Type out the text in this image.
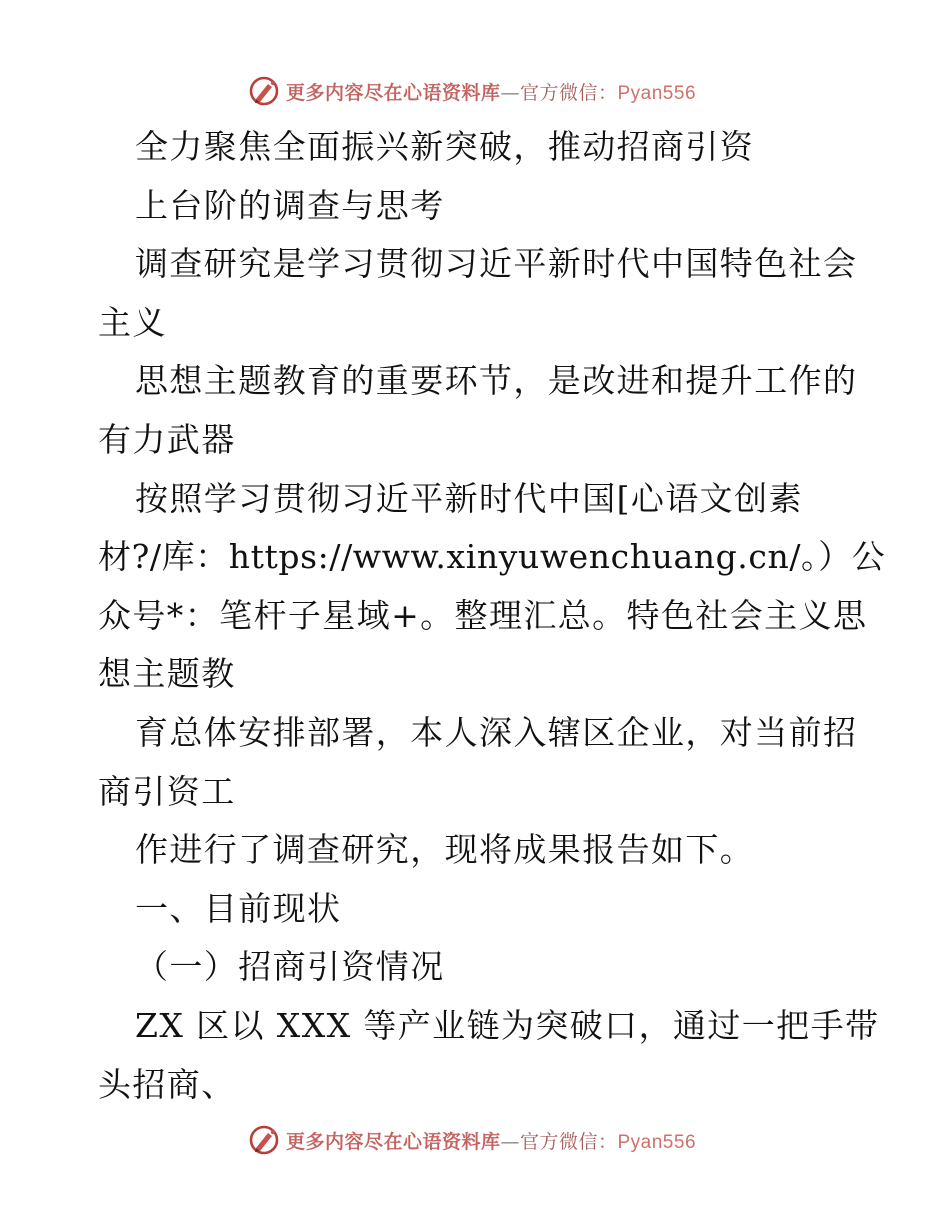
更多内容尽在心语资料库—官方微信：Pyan556
全力聚焦全面振兴新突破，推动招商引资
上台阶的调查与思考
调查研究是学习贯彻习近平新时代中国特色社会
主义
思想主题教育的重要环节，是改进和提升工作的
有力武器
按照学习贯彻习近平新时代中国[心语文创素
材?/库：https://www.xinyuwenchuang.cn/。）公
众号*：笔杆子星域+。整理汇总。特色社会主义思
想主题教
育总体安排部署，本人深入辖区企业，对当前招
商引资工
作进行了调查研究，现将成果报告如下。
一、目前现状
（一）招商引资情况
ZX 区以 XXX 等产业链为突破口，通过一把手带
头招商、
更多内容尽在心语资料库—官方微信：Pyan556
